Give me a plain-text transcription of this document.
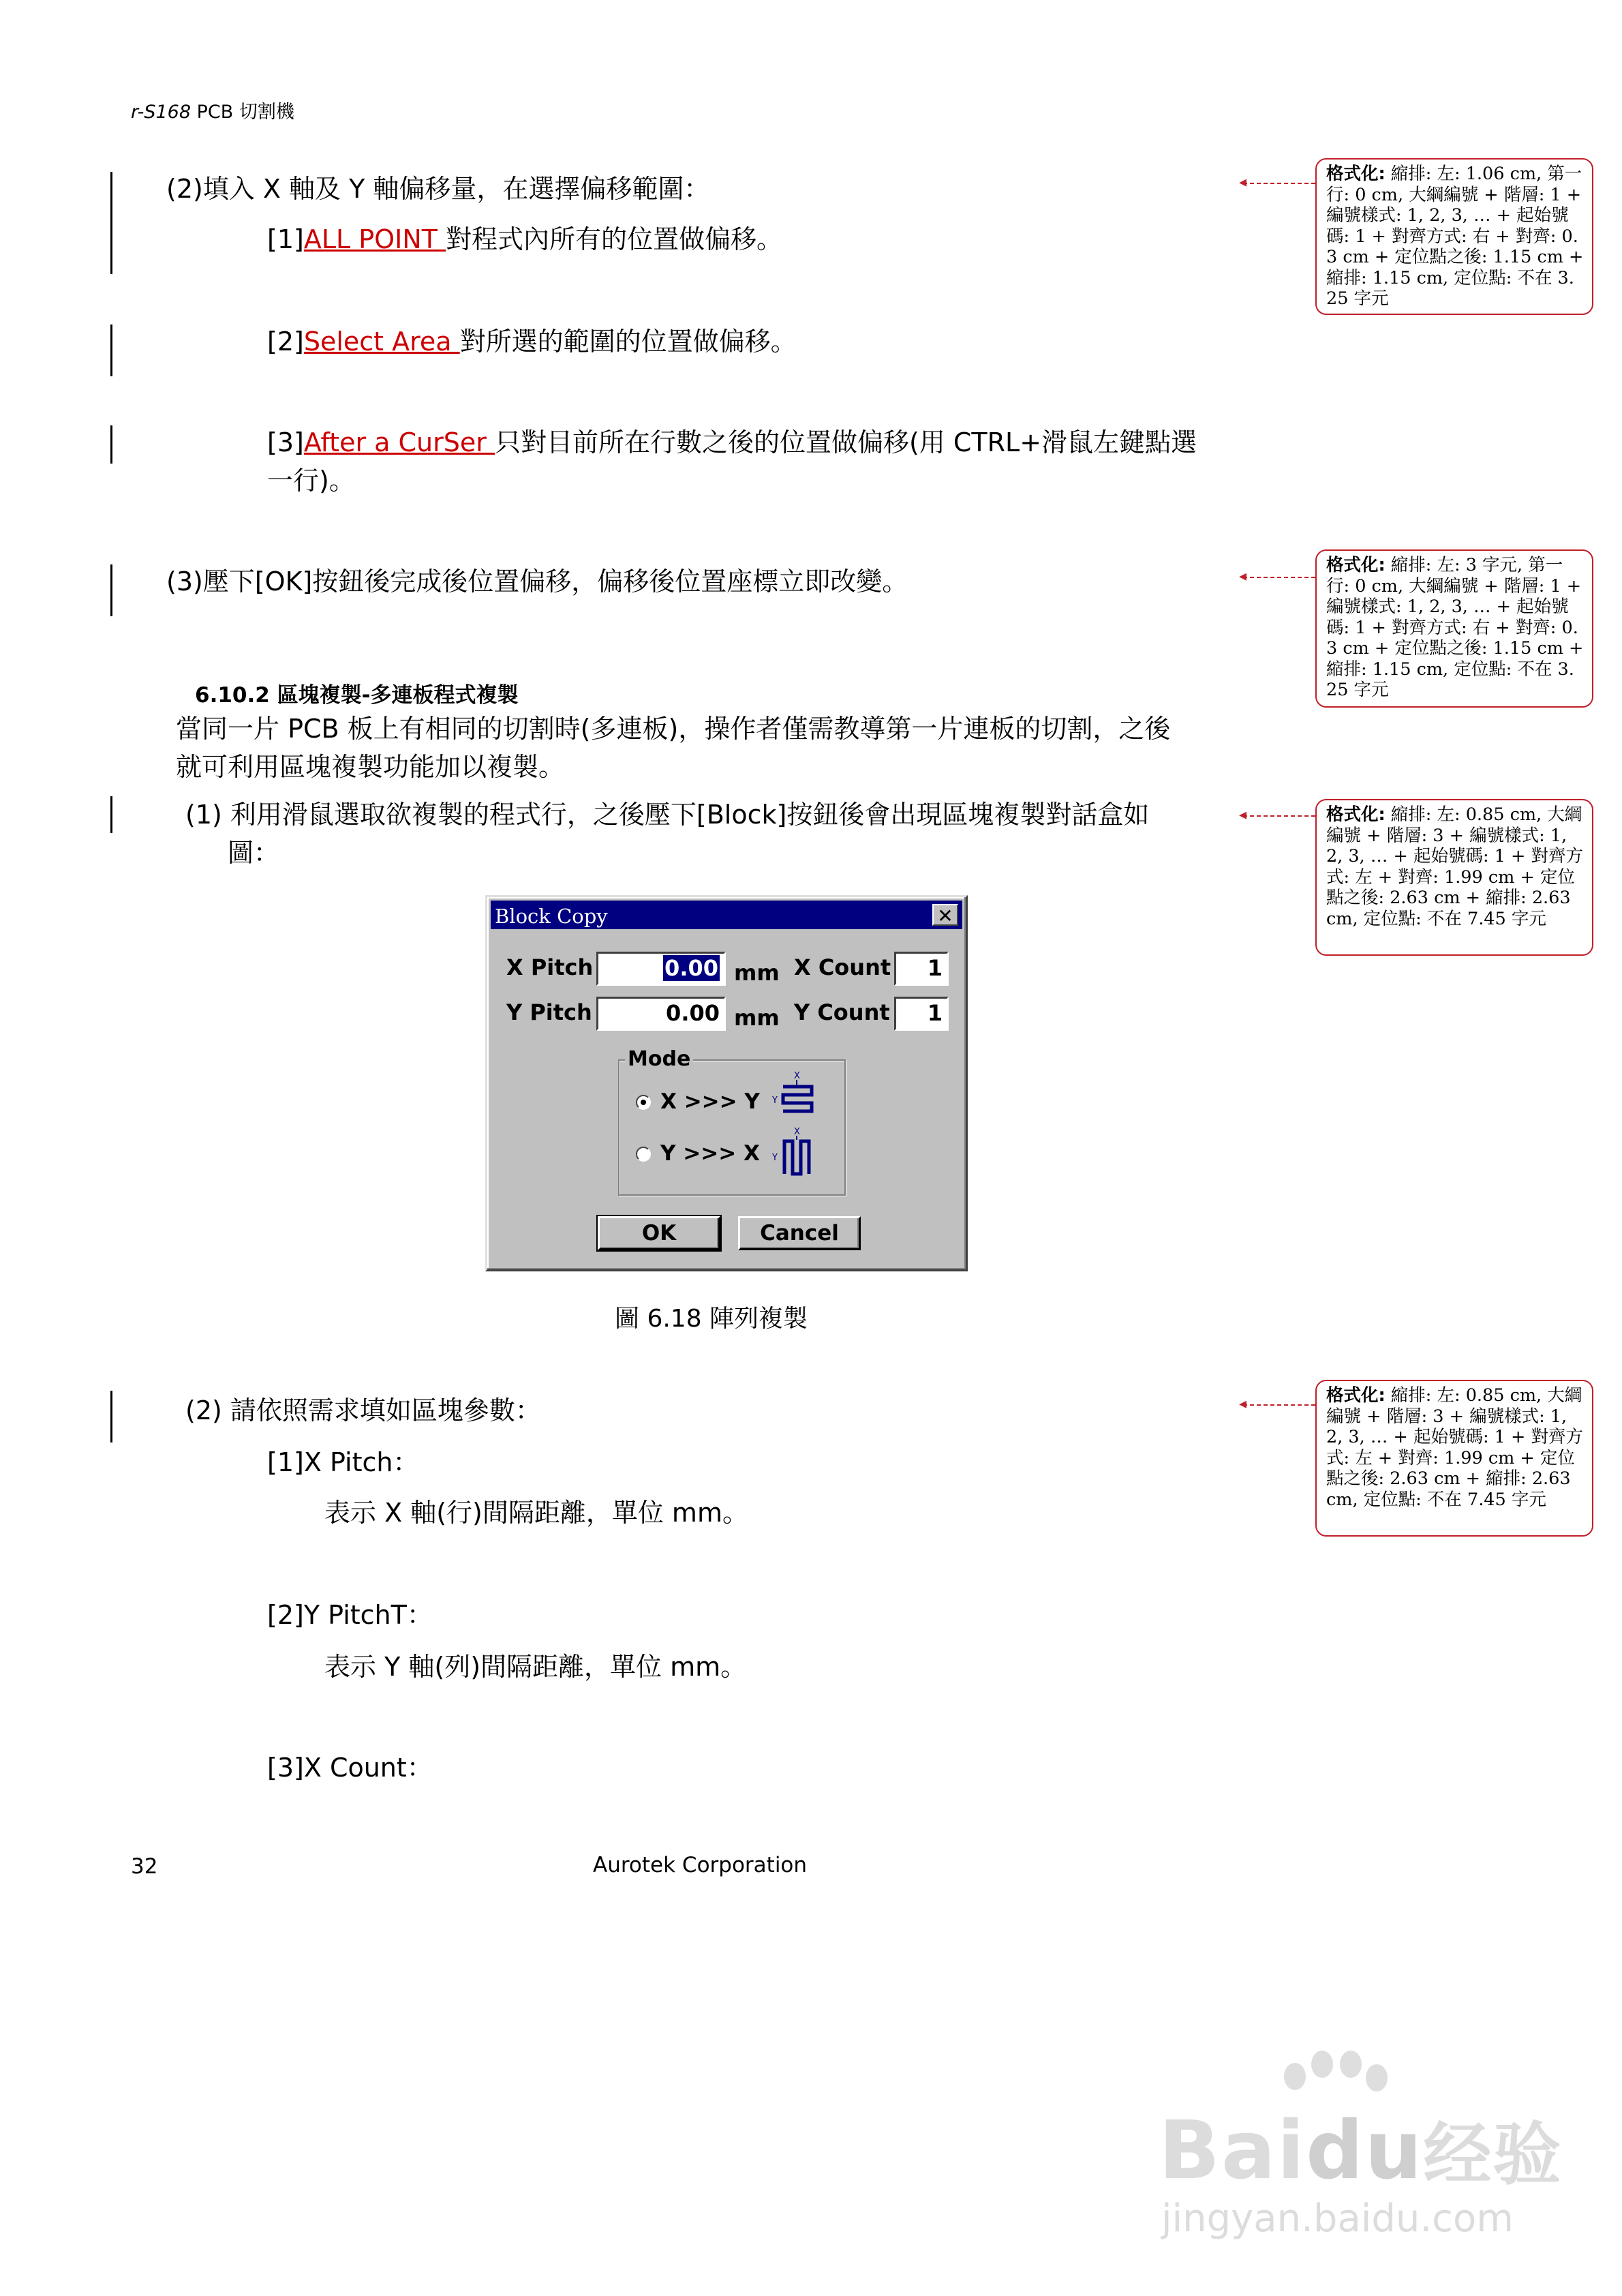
r-S168 PCB 切割機
(2)填入 X 軸及 Y 軸偏移量，在選擇偏移範圍：
[1]ALL POINT 對程式內所有的位置做偏移。
[2]Select Area 對所選的範圍的位置做偏移。
[3]After a CurSer 只對目前所在行數之後的位置做偏移(用 CTRL+滑鼠左鍵點選
一行)。
(3)壓下[OK]按鈕後完成後位置偏移，偏移後位置座標立即改變。
6.10.2 區塊複製-多連板程式複製
當同一片 PCB 板上有相同的切割時(多連板)，操作者僅需教導第一片連板的切割，之後
就可利用區塊複製功能加以複製。
(1) 利用滑鼠選取欲複製的程式行，之後壓下[Block]按鈕後會出現區塊複製對話盒如
圖：
Block Copy	✕
X Pitch	0.00 mm X Count	1
Y Pitch	0.00 mm Y Count	1
Mode
X >>> Y
Y >>> X
X
Y
X
Y
OK	Cancel
圖 6.18 陣列複製
(2) 請依照需求填如區塊參數：
[1]X Pitch：
表示 X 軸(行)間隔距離，單位 mm。
[2]Y PitchT：
表示 Y 軸(列)間隔距離，單位 mm。
[3]X Count：
32	Aurotek Corporation
◂	格式化: 縮排: 左: 1.06 cm, 第一行: 0 cm, 大綱編號 + 階層: 1 + 編號樣式: 1, 2, 3, … + 起始號碼: 1 + 對齊方式: 右 + 對齊: 0.3 cm + 定位點之後: 1.15 cm + 縮排: 1.15 cm, 定位點: 不在 3.25 字元
◂
格式化: 縮排: 左: 3 字元, 第一行: 0 cm, 大綱編號 + 階層: 1 + 編號樣式: 1, 2, 3, … + 起始號碼: 1 + 對齊方式: 右 + 對齊: 0.3 cm + 定位點之後: 1.15 cm + 縮排: 1.15 cm, 定位點: 不在 3.25 字元
◂	格式化: 縮排: 左: 0.85 cm, 大綱編號 + 階層: 3 + 編號樣式: 1, 2, 3, … + 起始號碼: 1 + 對齊方式: 左 + 對齊: 1.99 cm + 定位點之後: 2.63 cm + 縮排: 2.63 cm, 定位點: 不在 7.45 字元
◂	格式化: 縮排: 左: 0.85 cm, 大綱編號 + 階層: 3 + 編號樣式: 1, 2, 3, … + 起始號碼: 1 + 對齊方式: 左 + 對齊: 1.99 cm + 定位點之後: 2.63 cm + 縮排: 2.63 cm, 定位點: 不在 7.45 字元
Baidu经验
jingyan.baidu.com
